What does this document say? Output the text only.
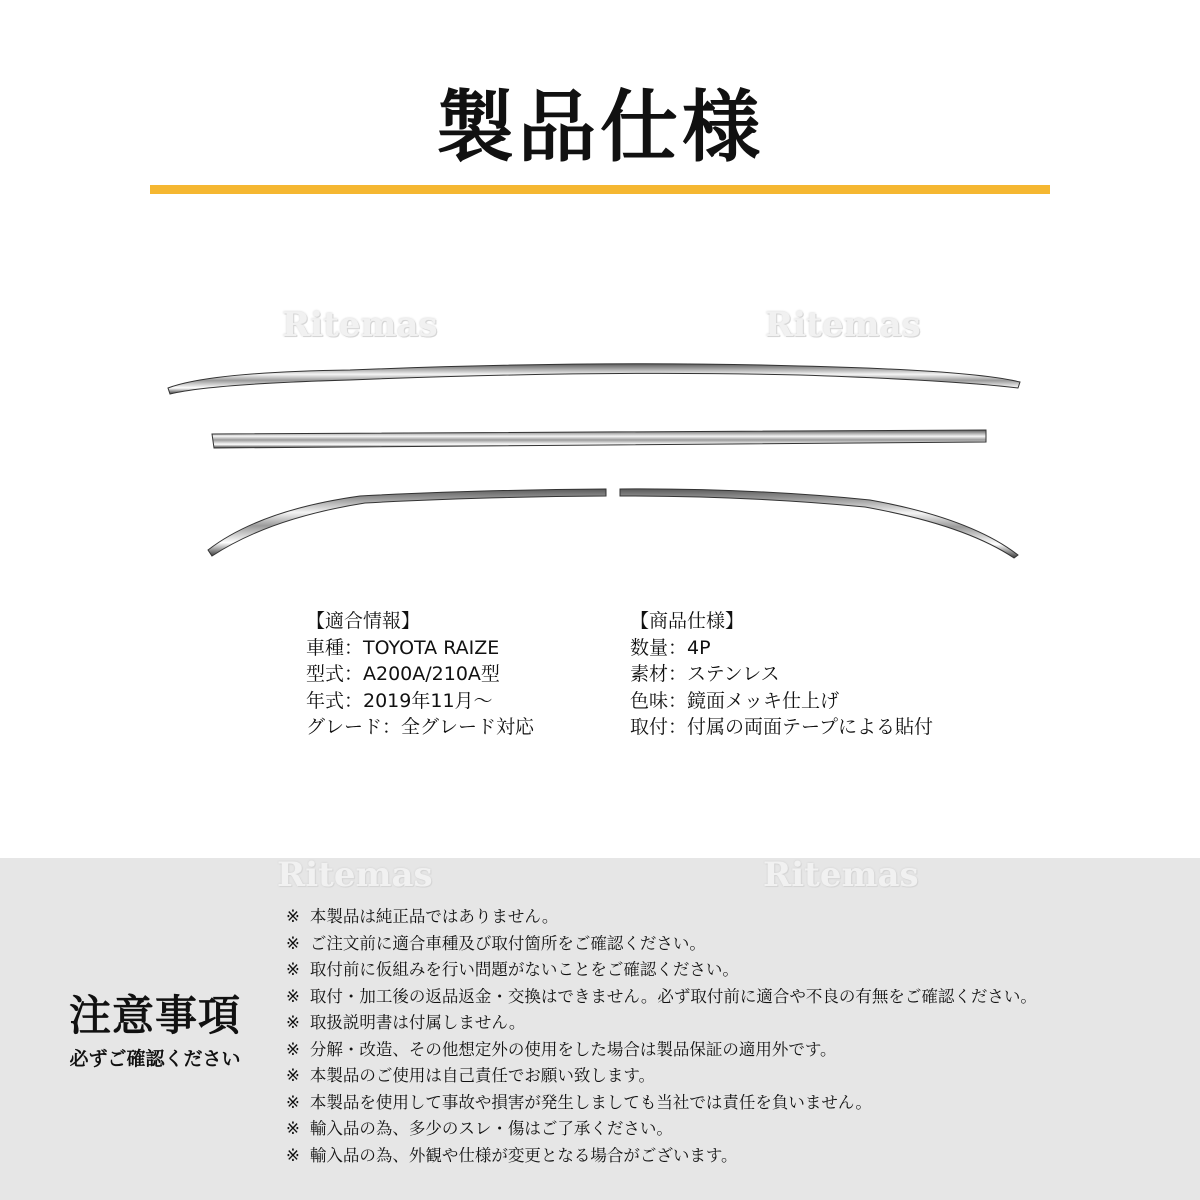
製品仕様
Ritemas	Ritemas
Ritemas	Ritemas

【適合情報】

車種：TOYOTA RAIZE

型式：A200A/210A型

年式：2019年11月～

グレード：全グレード対応

【商品仕様】

数量：4P

素材：ステンレス

色味：鏡面メッキ仕上げ

取付：付属の両面テープによる貼付

注意事項

必ずご確認ください

※ 本製品は純正品ではありません。
※ ご注文前に適合車種及び取付箇所をご確認ください。
※ 取付前に仮組みを行い問題がないことをご確認ください。
※ 取付・加工後の返品返金・交換はできません。必ず取付前に適合や不良の有無をご確認ください。
※ 取扱説明書は付属しません。
※ 分解・改造、その他想定外の使用をした場合は製品保証の適用外です。
※ 本製品のご使用は自己責任でお願い致します。
※ 本製品を使用して事故や損害が発生しましても当社では責任を負いません。
※ 輸入品の為、多少のスレ・傷はご了承ください。
※ 輸入品の為、外観や仕様が変更となる場合がございます。
